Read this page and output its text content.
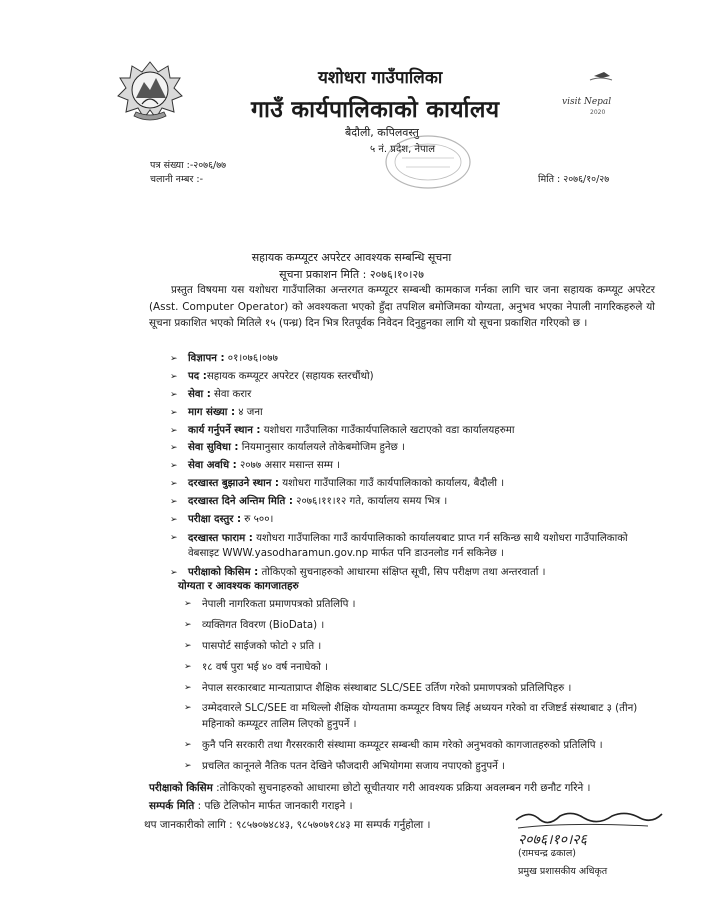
यशोधरा गाउँपालिका
गाउँ कार्यपालिकाको कार्यालय
बैदौली, कपिलवस्तु
५ नं. प्रदेश, नेपाल
visit Nepal
2020
पत्र संख्या :-२०७६/७७
चलानी नम्बर :-	मिति : २०७६/१०/२७
सहायक कम्प्यूटर अपरेटर आवश्यक सम्बन्धि सूचना
सूचना प्रकाशन मिति : २०७६।१०।२७
प्रस्तुत विषयमा यस यशोधरा गाउँपालिका अन्तरगत कम्प्यूटर सम्बन्धी कामकाज गर्नका लागि चार जना सहायक कम्प्यूट अपरेटर (Asst. Computer Operator) को अवश्यकता भएको हुँदा तपशिल बमोजिमका योग्यता, अनुभव भएका नेपाली नागरिकहरुले यो सूचना प्रकाशित भएको मितिले १५ (पन्ध्र) दिन भित्र रितपूर्वक निवेदन दिनुहुनका लागि यो सूचना प्रकाशित गरिएको छ ।
➢ विज्ञापन : ०१।०७६।०७७
➢ पद :सहायक कम्प्यूटर अपरेटर (सहायक स्तरचौंथो)
➢ सेवा : सेवा करार
➢ माग संख्या : ४ जना
➢ कार्य गर्नुपर्ने स्थान : यशोधरा गाउँपालिका गाउँकार्यपालिकाले खटाएको वडा कार्यालयहरुमा
➢ सेवा सुविधा : नियमानुसार कार्यालयले तोकेबमोजिम हुनेछ ।
➢ सेवा अवधि : २०७७ असार मसान्त सम्म ।
➢ दरखास्त बुझाउने स्थान : यशोधरा गाउँपालिका गाउँ कार्यपालिकाको कार्यालय, बैदौली ।
➢ दरखास्त दिने अन्तिम मिति : २०७६।११।१२ गते, कार्यालय समय भित्र ।
➢ परीक्षा दस्तुर : रु ५००।
➢ दरखास्त फाराम : यशोधरा गाउँपालिका गाउँ कार्यपालिकाको कार्यालयबाट प्राप्त गर्न सकिन्छ साथै यशोधरा गाउँपालिकाको वेबसाइट WWW.yasodharamun.gov.np मार्फत पनि डाउनलोड गर्न सकिनेछ ।
➢ परीक्षाको किसिम : तोकिएको सुचनाहरुको आधारमा संक्षिप्त सूची, सिप परीक्षण तथा अन्तरवार्ता ।
योग्यता र आवश्यक कागजातहरु
➢ नेपाली नागरिकता प्रमाणपत्रको प्रतिलिपि ।
➢ व्यक्तिगत विवरण (BioData) ।
➢ पासपोर्ट साईजको फोटो २ प्रति ।
➢ १८ वर्ष पुरा भई ४० वर्ष ननाघेको ।
➢ नेपाल सरकारबाट मान्यताप्राप्त शैक्षिक संस्थाबाट SLC/SEE उर्तिण गरेको प्रमाणपत्रको प्रतिलिपिहरु ।
➢ उम्मेदवारले SLC/SEE वा मथिल्लो शैक्षिक योग्यतामा कम्प्यूटर विषय लिई अध्ययन गरेको वा रजिष्टर्ड संस्थाबाट ३ (तीन) महिनाको कम्प्यूटर तालिम लिएको हुनुपर्ने ।
➢ कुनै पनि सरकारी तथा गैरसरकारी संस्थामा कम्प्यूटर सम्बन्धी काम गरेको अनुभवको कागजातहरुको प्रतिलिपि ।
➢ प्रचलित कानूनले नैतिक पतन देखिने फौजदारी अभियोगमा सजाय नपाएको हुनुपर्ने ।
परीक्षाको किसिम :तोकिएको सुचनाहरुको आधारमा छोटो सूचीतयार गरी आवश्यक प्रक्रिया अवलम्बन गरी छनौट गरिने ।
सम्पर्क मिति : पछि टेलिफोन मार्फत जानकारी गराइने ।
थप जानकारीको लागि : ९८५७०७४८४३, ९८५७०७१८४३ मा सम्पर्क गर्नुहोला ।
२०७६।१०।२६
(रामचन्द्र ढकाल)
प्रमुख प्रशासकीय अधिकृत
